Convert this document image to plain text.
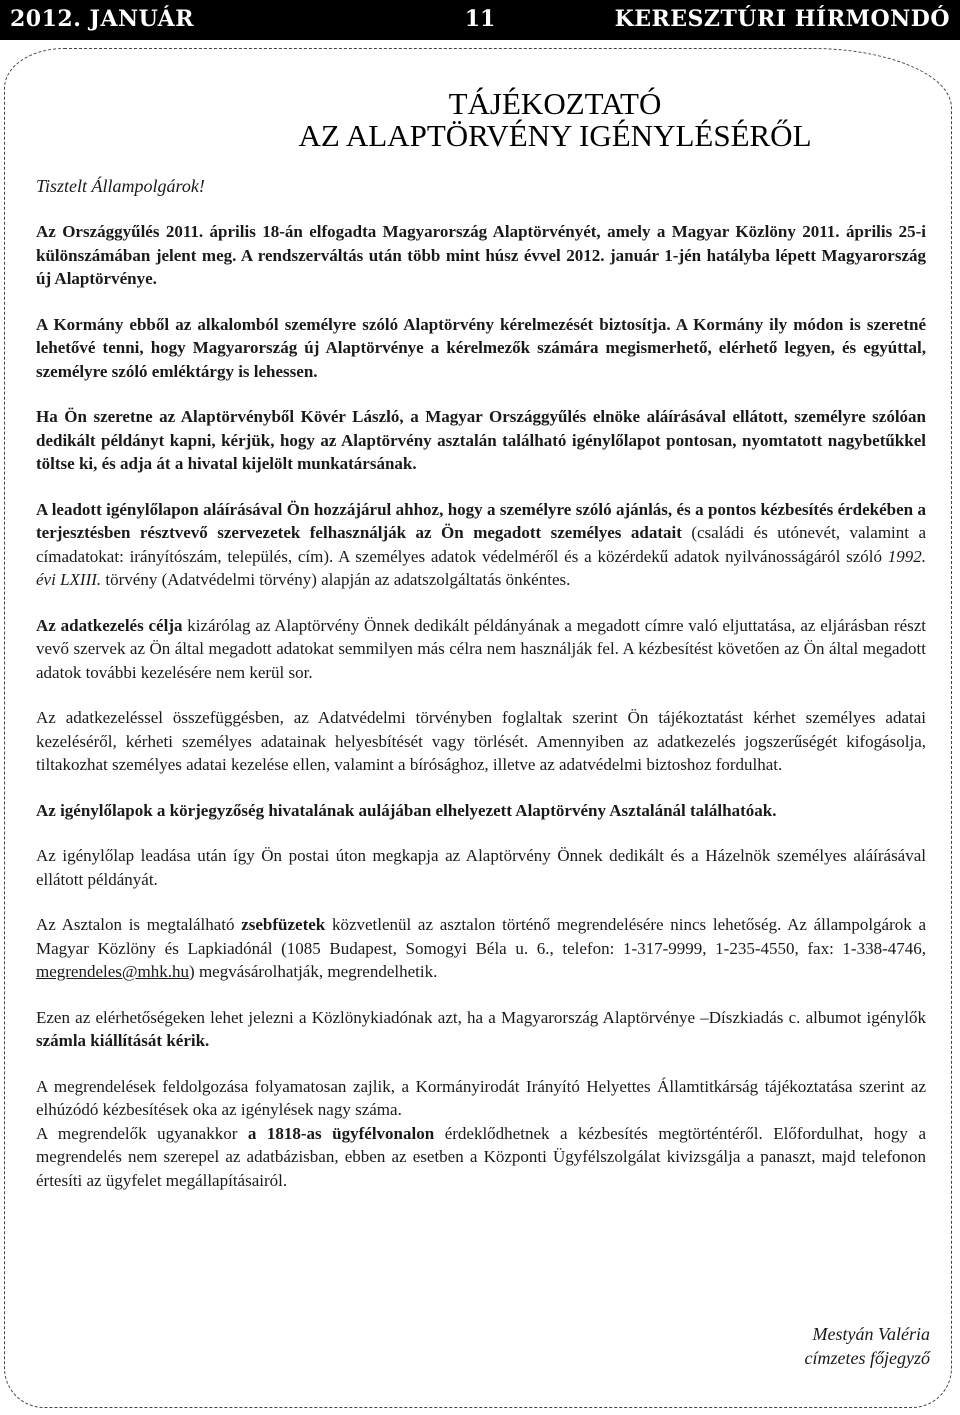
2012. JANUÁR	11	KERESZTÚRI HÍRMONDÓ
TÁJÉKOZTATÓ
AZ ALAPTÖRVÉNY IGÉNYLÉSÉRŐL
Tisztelt Állampolgárok!

Az Országgyűlés 2011. április 18-án elfogadta Magyarország Alaptörvényét, amely a Magyar Közlöny 2011. április 25-i különszámában jelent meg. A rendszerváltás után több mint húsz évvel 2012. január 1-jén hatályba lépett Magyarország új Alaptörvénye.

A Kormány ebből az alkalomból személyre szóló Alaptörvény kérelmezését biztosítja. A Kormány ily módon is szeretné lehetővé tenni, hogy Magyarország új Alaptörvénye a kérelmezők számára megismerhető, elérhető legyen, és egyúttal, személyre szóló emléktárgy is lehessen.

Ha Ön szeretne az Alaptörvényből Kövér László, a Magyar Országgyűlés elnöke aláírásával ellátott, személyre szólóan dedikált példányt kapni, kérjük, hogy az Alaptörvény asztalán található igénylőlapot pontosan, nyomtatott nagybetűkkel töltse ki, és adja át a hivatal kijelölt munkatársának.

A leadott igénylőlapon aláírásával Ön hozzájárul ahhoz, hogy a személyre szóló ajánlás, és a pontos kézbesítés érdekében a terjesztésben résztvevő szervezetek felhasználják az Ön megadott személyes adatait (családi és utónevét, valamint a címadatokat: irányítószám, település, cím). A személyes adatok védelméről és a közérdekű adatok nyilvánosságáról szóló 1992. évi LXIII. törvény (Adatvédelmi törvény) alapján az adatszolgáltatás önkéntes.

Az adatkezelés célja kizárólag az Alaptörvény Önnek dedikált példányának a megadott címre való eljuttatása, az eljárásban részt vevő szervek az Ön által megadott adatokat semmilyen más célra nem használják fel. A kézbesítést követően az Ön által megadott adatok további kezelésére nem kerül sor.

Az adatkezeléssel összefüggésben, az Adatvédelmi törvényben foglaltak szerint Ön tájékoztatást kérhet személyes adatai kezeléséről, kérheti személyes adatainak helyesbítését vagy törlését. Amennyiben az adatkezelés jogszerűségét kifogásolja, tiltakozhat személyes adatai kezelése ellen, valamint a bírósághoz, illetve az adatvédelmi biztoshoz fordulhat.

Az igénylőlapok a körjegyzőség hivatalának aulájában elhelyezett Alaptörvény Asztalánál találhatóak.

Az igénylőlap leadása után így Ön postai úton megkapja az Alaptörvény Önnek dedikált és a Házelnök személyes aláírásával ellátott példányát.

Az Asztalon is megtalálható zsebfüzetek közvetlenül az asztalon történő megrendelésére nincs lehetőség. Az állampolgárok a Magyar Közlöny és Lapkiadónál (1085 Budapest, Somogyi Béla u. 6., telefon: 1-317-9999, 1-235-4550, fax: 1-338-4746, megrendeles@mhk.hu) megvásárolhatják, megrendelhetik.

Ezen az elérhetőségeken lehet jelezni a Közlönykiadónak azt, ha a Magyarország Alaptörvénye –Díszkiadás c. albumot igénylők számla kiállítását kérik.

A megrendelések feldolgozása folyamatosan zajlik, a Kormányirodát Irányító Helyettes Államtitkárság tájékoztatása szerint az elhúzódó kézbesítések oka az igénylések nagy száma.

A megrendelők ugyanakkor a 1818-as ügyfélvonalon érdeklődhetnek a kézbesítés megtörténtéről. Előfordulhat, hogy a megrendelés nem szerepel az adatbázisban, ebben az esetben a Központi Ügyfélszolgálat kivizsgálja a panaszt, majd telefonon értesíti az ügyfelet megállapításairól.

Mestyán Valéria
címzetes főjegyző
